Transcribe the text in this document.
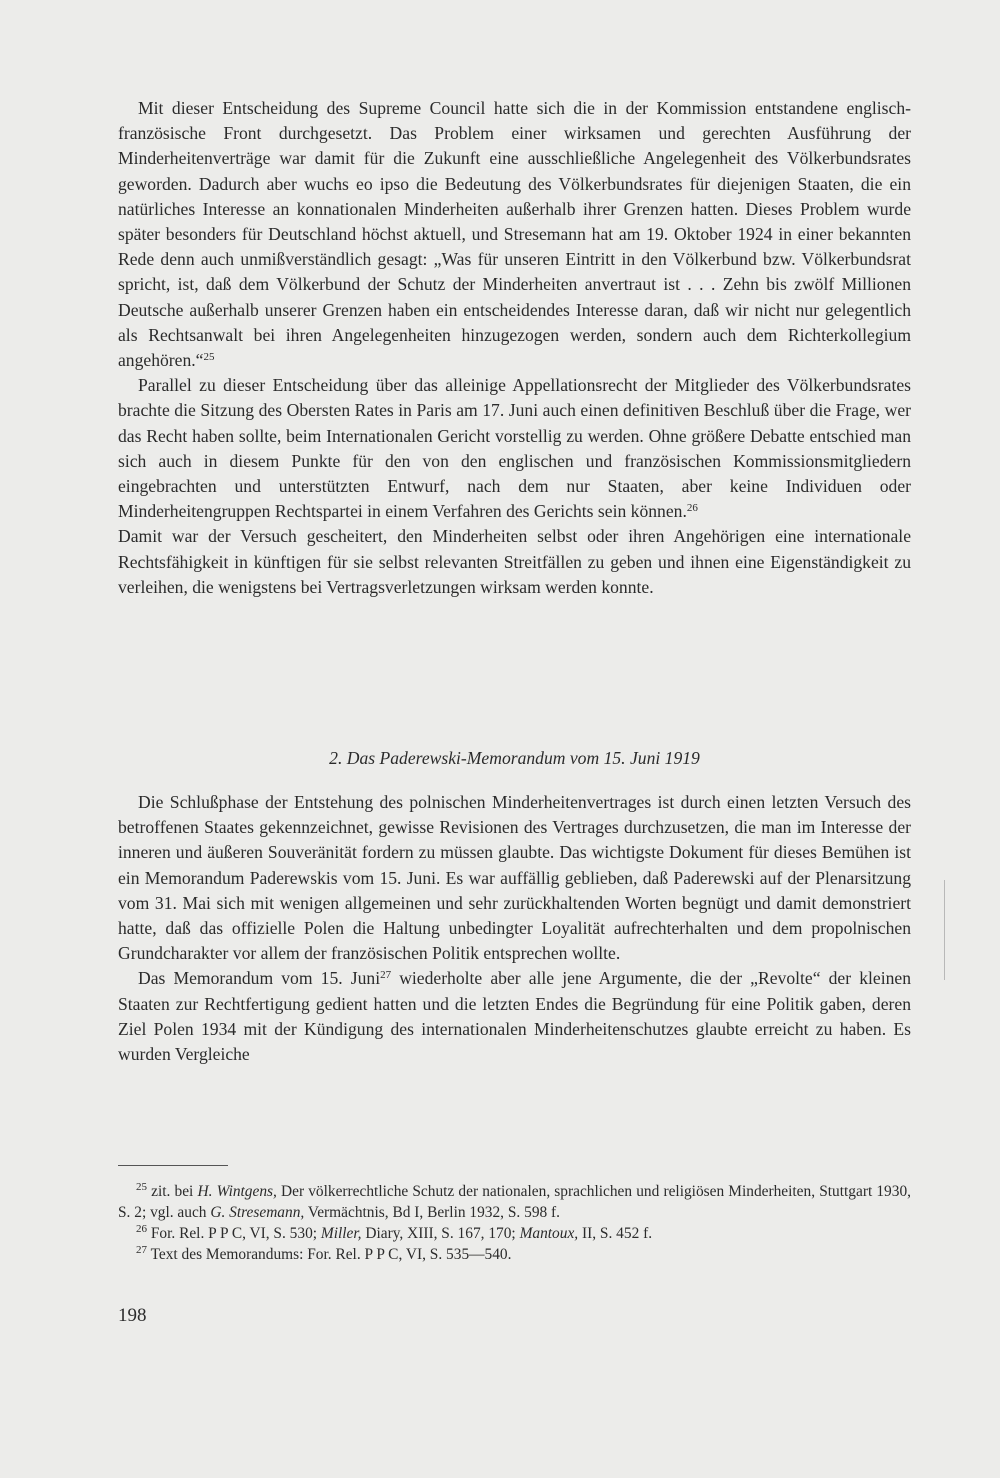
Mit dieser Entscheidung des Supreme Council hatte sich die in der Kommission entstandene englisch-französische Front durchgesetzt. Das Problem einer wirksamen und gerechten Ausführung der Minderheitenverträge war damit für die Zukunft eine ausschließliche Angelegenheit des Völkerbundsrates geworden. Dadurch aber wuchs eo ipso die Bedeutung des Völkerbundsrates für diejenigen Staaten, die ein natürliches Interesse an konnationalen Minderheiten außerhalb ihrer Grenzen hatten. Dieses Problem wurde später besonders für Deutschland höchst aktuell, und Stresemann hat am 19. Oktober 1924 in einer bekannten Rede denn auch unmißverständlich gesagt: „Was für unseren Eintritt in den Völkerbund bzw. Völkerbundsrat spricht, ist, daß dem Völkerbund der Schutz der Minderheiten anvertraut ist . . . Zehn bis zwölf Millionen Deutsche außerhalb unserer Grenzen haben ein entscheidendes Interesse daran, daß wir nicht nur gelegentlich als Rechtsanwalt bei ihren Angelegenheiten hinzugezogen werden, sondern auch dem Richterkollegium angehören.“$^{25}$

Parallel zu dieser Entscheidung über das alleinige Appellationsrecht der Mitglieder des Völkerbundsrates brachte die Sitzung des Obersten Rates in Paris am 17. Juni auch einen definitiven Beschluß über die Frage, wer das Recht haben sollte, beim Internationalen Gericht vorstellig zu werden. Ohne größere Debatte entschied man sich auch in diesem Punkte für den von den englischen und französischen Kommissionsmitgliedern eingebrachten und unterstützten Entwurf, nach dem nur Staaten, aber keine Individuen oder Minderheitengruppen Rechtspartei in einem Verfahren des Gerichts sein können.$^{26}$

Damit war der Versuch gescheitert, den Minderheiten selbst oder ihren Angehörigen eine internationale Rechtsfähigkeit in künftigen für sie selbst relevanten Streitfällen zu geben und ihnen eine Eigenständigkeit zu verleihen, die wenigstens bei Vertragsverletzungen wirksam werden konnte.

2. Das Paderewski-Memorandum vom 15. Juni 1919

Die Schlußphase der Entstehung des polnischen Minderheitenvertrages ist durch einen letzten Versuch des betroffenen Staates gekennzeichnet, gewisse Revisionen des Vertrages durchzusetzen, die man im Interesse der inneren und äußeren Souveränität fordern zu müssen glaubte. Das wichtigste Dokument für dieses Bemühen ist ein Memorandum Paderewskis vom 15. Juni. Es war auffällig geblieben, daß Paderewski auf der Plenarsitzung vom 31. Mai sich mit wenigen allgemeinen und sehr zurückhaltenden Worten begnügt und damit demonstriert hatte, daß das offizielle Polen die Haltung unbedingter Loyalität aufrechterhalten und dem propolnischen Grundcharakter vor allem der französischen Politik entsprechen wollte.

Das Memorandum vom 15. Juni$^{27}$ wiederholte aber alle jene Argumente, die der „Revolte“ der kleinen Staaten zur Rechtfertigung gedient hatten und die letzten Endes die Begründung für eine Politik gaben, deren Ziel Polen 1934 mit der Kündigung des internationalen Minderheitenschutzes glaubte erreicht zu haben. Es wurden Vergleiche

$^{25}$ zit. bei H. Wintgens, Der völkerrechtliche Schutz der nationalen, sprachlichen und religiösen Minderheiten, Stuttgart 1930, S. 2; vgl. auch G. Stresemann, Vermächtnis, Bd I, Berlin 1932, S. 598 f.

$^{26}$ For. Rel. P P C, VI, S. 530; Miller, Diary, XIII, S. 167, 170; Mantoux, II, S. 452 f.

$^{27}$ Text des Memorandums: For. Rel. P P C, VI, S. 535—540.

198
